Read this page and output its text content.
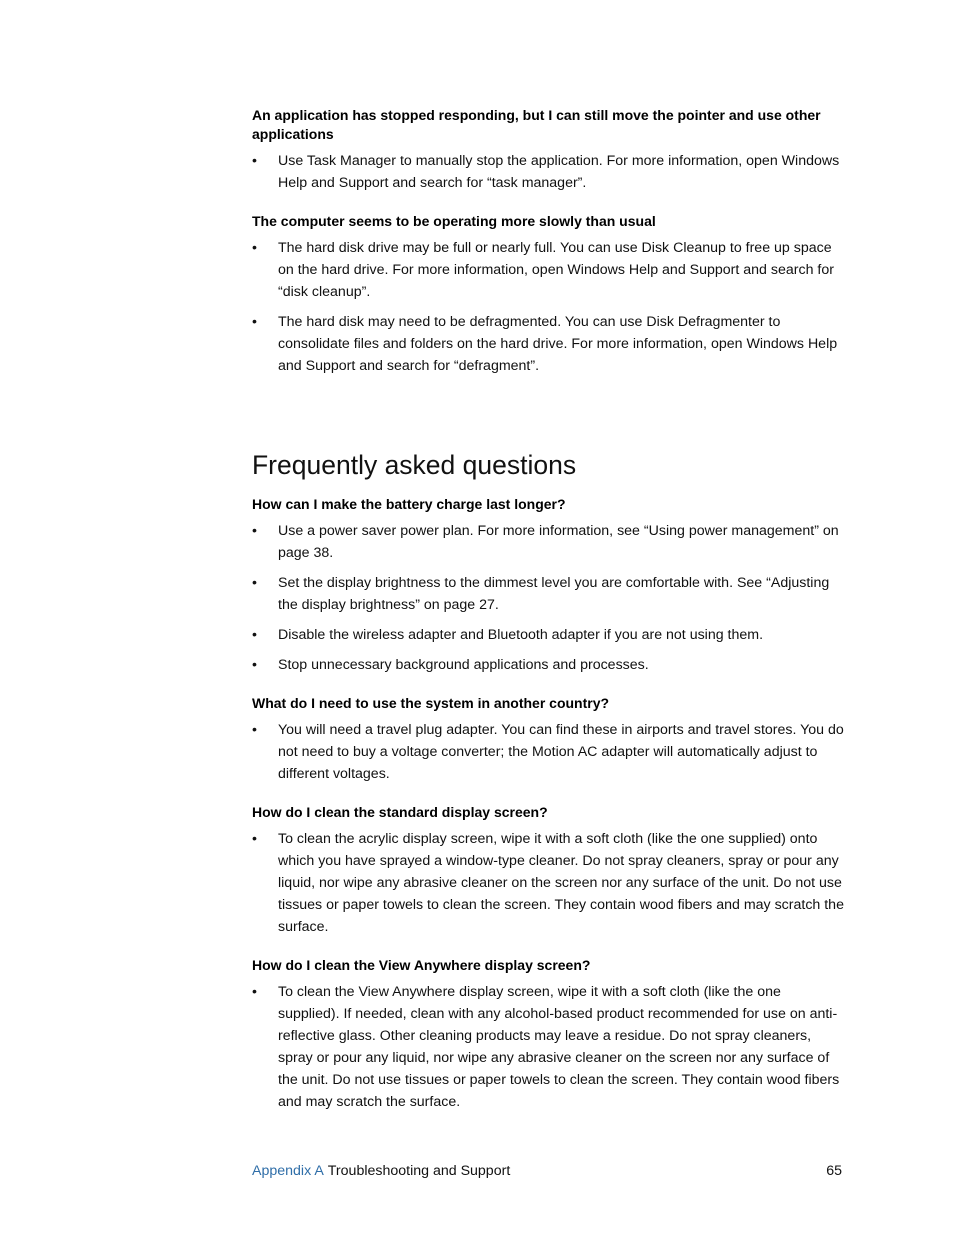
An application has stopped responding, but I can still move the pointer and use other applications

• Use Task Manager to manually stop the application. For more information, open Windows Help and Support and search for “task manager”.

The computer seems to be operating more slowly than usual

• The hard disk drive may be full or nearly full. You can use Disk Cleanup to free up space on the hard drive. For more information, open Windows Help and Support and search for “disk cleanup”.
• The hard disk may need to be defragmented. You can use Disk Defragmenter to consolidate files and folders on the hard drive. For more information, open Windows Help and Support and search for “defragment”.
Frequently asked questions

How can I make the battery charge last longer?

• Use a power saver power plan. For more information, see “Using power management” on page 38.
• Set the display brightness to the dimmest level you are comfortable with. See “Adjusting the display brightness” on page 27.
• Disable the wireless adapter and Bluetooth adapter if you are not using them.
• Stop unnecessary background applications and processes.

What do I need to use the system in another country?

• You will need a travel plug adapter. You can find these in airports and travel stores. You do not need to buy a voltage converter; the Motion AC adapter will automatically adjust to different voltages.

How do I clean the standard display screen?

• To clean the acrylic display screen, wipe it with a soft cloth (like the one supplied) onto which you have sprayed a window-type cleaner. Do not spray cleaners, spray or pour any liquid, nor wipe any abrasive cleaner on the screen nor any surface of the unit. Do not use tissues or paper towels to clean the screen. They contain wood fibers and may scratch the surface.

How do I clean the View Anywhere display screen?

• To clean the View Anywhere display screen, wipe it with a soft cloth (like the one supplied). If needed, clean with any alcohol-based product recommended for use on anti-reflective glass. Other cleaning products may leave a residue. Do not spray cleaners, spray or pour any liquid, nor wipe any abrasive cleaner on the screen nor any surface of the unit. Do not use tissues or paper towels to clean the screen. They contain wood fibers and may scratch the surface.
Appendix A Troubleshooting and Support	65
